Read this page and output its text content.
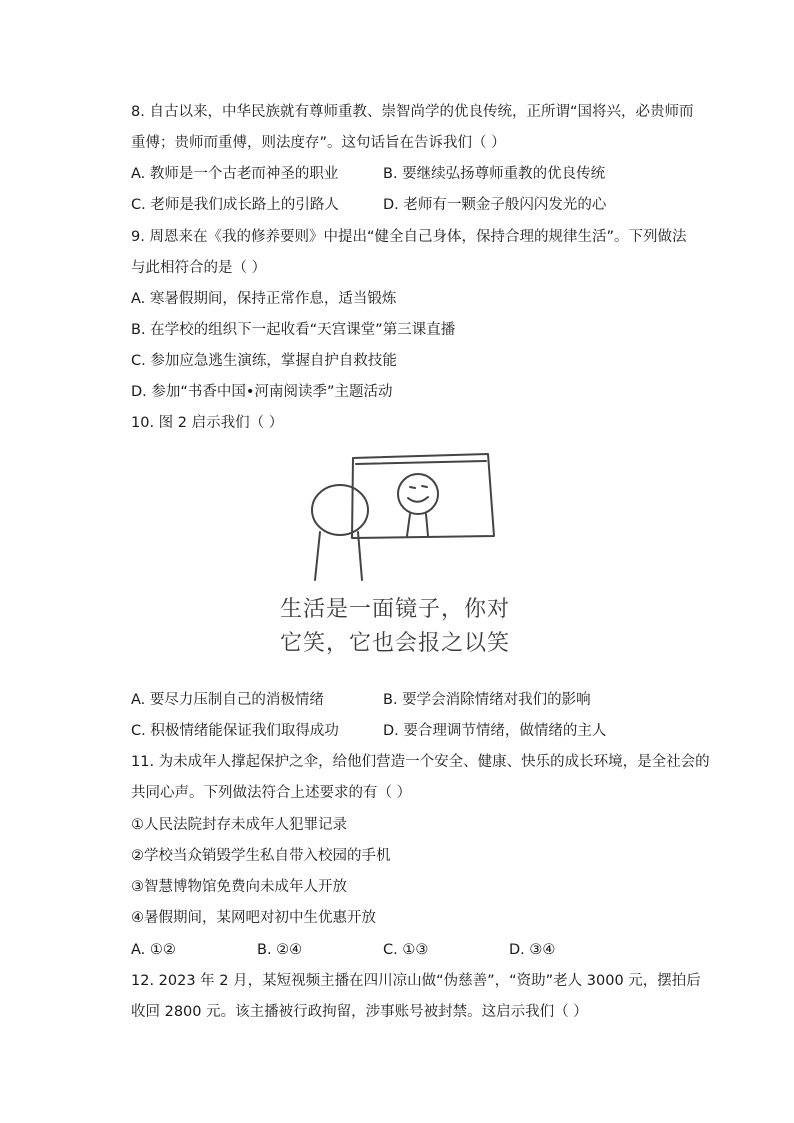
8. 自古以来，中华民族就有尊师重教、崇智尚学的优良传统，正所谓“国将兴，必贵师而
重傅；贵师而重傅，则法度存”。这句话旨在告诉我们（ ）
A. 教师是一个古老而神圣的职业	B. 要继续弘扬尊师重教的优良传统
C. 老师是我们成长路上的引路人	D. 老师有一颗金子般闪闪发光的心
9. 周恩来在《我的修养要则》中提出“健全自己身体，保持合理的规律生活”。下列做法
与此相符合的是（ ）
A. 寒暑假期间，保持正常作息，适当锻炼
B. 在学校的组织下一起收看“天宫课堂”第三课直播
C. 参加应急逃生演练，掌握自护自救技能
D. 参加“书香中国•河南阅读季”主题活动
10. 图 2 启示我们（ ）
生活是一面镜子，你对
它笑，它也会报之以笑
A. 要尽力压制自己的消极情绪	B. 要学会消除情绪对我们的影响
C. 积极情绪能保证我们取得成功	D. 要合理调节情绪，做情绪的主人
11. 为未成年人撑起保护之伞，给他们营造一个安全、健康、快乐的成长环境，是全社会的
共同心声。下列做法符合上述要求的有（ ）
①人民法院封存未成年人犯罪记录
②学校当众销毁学生私自带入校园的手机
③智慧博物馆免费向未成年人开放
④暑假期间，某网吧对初中生优惠开放
A. ①②	B. ②④	C. ①③	D. ③④
12. 2023 年 2 月，某短视频主播在四川凉山做“伪慈善”，“资助”老人 3000 元，摆拍后
收回 2800 元。该主播被行政拘留，涉事账号被封禁。这启示我们（ ）
